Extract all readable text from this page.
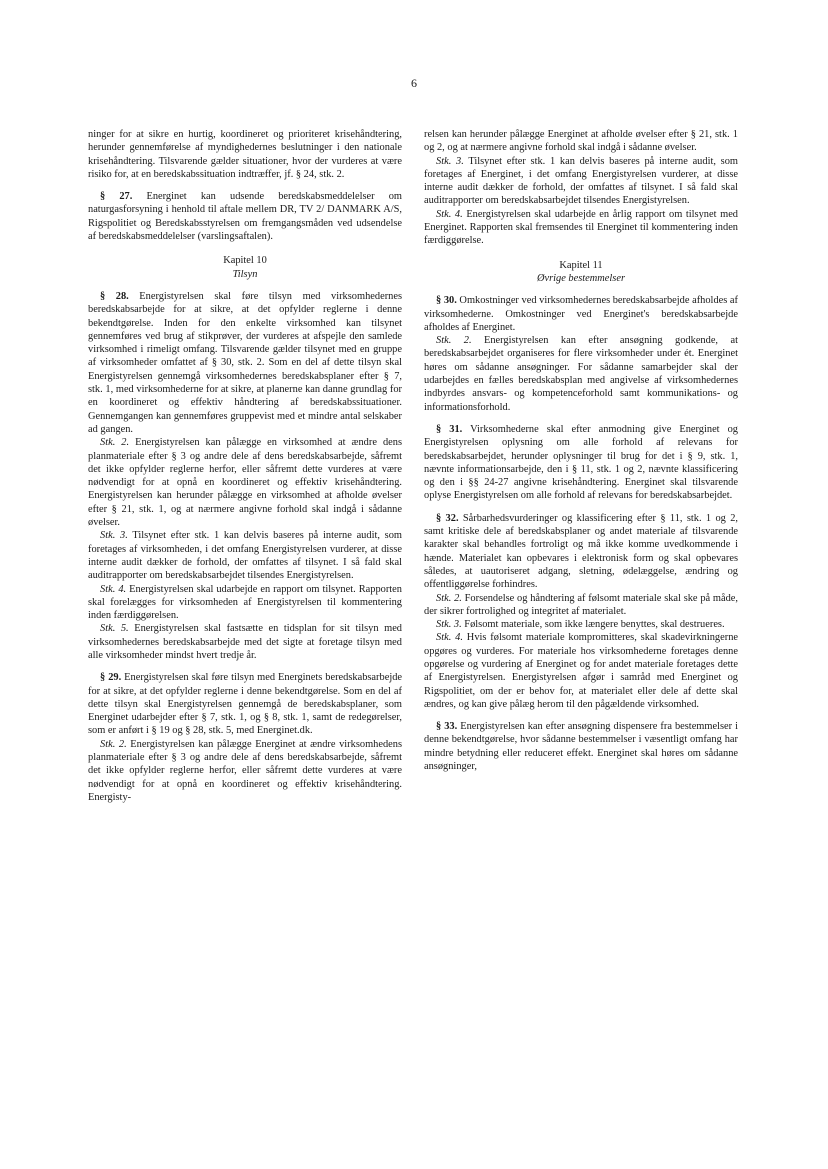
6

ninger for at sikre en hurtig, koordineret og prioriteret krisehåndtering, herunder gennemførelse af myndighedernes beslutninger i den nationale krisehåndtering. Tilsvarende gælder situationer, hvor der vurderes at være risiko for, at en beredskabssituation indtræffer, jf. § 24, stk. 2.

§ 27. Energinet kan udsende beredskabsmeddelelser om naturgasforsyning i henhold til aftale mellem DR, TV 2/ DANMARK A/S, Rigspolitiet og Beredskabsstyrelsen om fremgangsmåden ved udsendelse af beredskabsmeddelelser (varslingsaftalen).

Kapitel 10
Tilsyn

§ 28. Energistyrelsen skal føre tilsyn med virksomhedernes beredskabsarbejde for at sikre, at det opfylder reglerne i denne bekendtgørelse. Inden for den enkelte virksomhed kan tilsynet gennemføres ved brug af stikprøver, der vurderes at afspejle den samlede virksomhed i rimeligt omfang. Tilsvarende gælder tilsynet med en gruppe af virksomheder omfattet af § 30, stk. 2. Som en del af dette tilsyn skal Energistyrelsen gennemgå virksomhedernes beredskabsplaner efter § 7, stk. 1, med virksomhederne for at sikre, at planerne kan danne grundlag for en koordineret og effektiv håndtering af beredskabssituationer. Gennemgangen kan gennemføres gruppevist med et mindre antal selskaber ad gangen.

Stk. 2. Energistyrelsen kan pålægge en virksomhed at ændre dens planmateriale efter § 3 og andre dele af dens beredskabsarbejde, såfremt det ikke opfylder reglerne herfor, eller såfremt dette vurderes at være nødvendigt for at opnå en koordineret og effektiv krisehåndtering. Energistyrelsen kan herunder pålægge en virksomhed at afholde øvelser efter § 21, stk. 1, og at nærmere angivne forhold skal indgå i sådanne øvelser.

Stk. 3. Tilsynet efter stk. 1 kan delvis baseres på interne audit, som foretages af virksomheden, i det omfang Energistyrelsen vurderer, at disse interne audit dækker de forhold, der omfattes af tilsynet. I så fald skal auditrapporter om beredskabsarbejdet tilsendes Energistyrelsen.

Stk. 4. Energistyrelsen skal udarbejde en rapport om tilsynet. Rapporten skal forelægges for virksomheden af Energistyrelsen til kommentering inden færdiggørelsen.

Stk. 5. Energistyrelsen skal fastsætte en tidsplan for sit tilsyn med virksomhedernes beredskabsarbejde med det sigte at foretage tilsyn med alle virksomheder mindst hvert tredje år.

§ 29. Energistyrelsen skal føre tilsyn med Energinets beredskabsarbejde for at sikre, at det opfylder reglerne i denne bekendtgørelse. Som en del af dette tilsyn skal Energistyrelsen gennemgå de beredskabsplaner, som Energinet udarbejder efter § 7, stk. 1, og § 8, stk. 1, samt de redegørelser, som er anført i § 19 og § 28, stk. 5, med Energinet.dk.

Stk. 2. Energistyrelsen kan pålægge Energinet at ændre virksomhedens planmateriale efter § 3 og andre dele af dens beredskabsarbejde, såfremt det ikke opfylder reglerne herfor, eller såfremt dette vurderes at være nødvendigt for at opnå en koordineret og effektiv krisehåndtering. Energisty-

relsen kan herunder pålægge Energinet at afholde øvelser efter § 21, stk. 1 og 2, og at nærmere angivne forhold skal indgå i sådanne øvelser.

Stk. 3. Tilsynet efter stk. 1 kan delvis baseres på interne audit, som foretages af Energinet, i det omfang Energistyrelsen vurderer, at disse interne audit dækker de forhold, der omfattes af tilsynet. I så fald skal auditrapporter om beredskabsarbejdet tilsendes Energistyrelsen.

Stk. 4. Energistyrelsen skal udarbejde en årlig rapport om tilsynet med Energinet. Rapporten skal fremsendes til Energinet til kommentering inden færdiggørelse.

Kapitel 11
Øvrige bestemmelser

§ 30. Omkostninger ved virksomhedernes beredskabsarbejde afholdes af virksomhederne. Omkostninger ved Energinet's beredskabsarbejde afholdes af Energinet.

Stk. 2. Energistyrelsen kan efter ansøgning godkende, at beredskabsarbejdet organiseres for flere virksomheder under ét. Energinet høres om sådanne ansøgninger. For sådanne samarbejder skal der udarbejdes en fælles beredskabsplan med angivelse af virksomhedernes indbyrdes ansvars- og kompetenceforhold samt kommunikations- og informationsforhold.

§ 31. Virksomhederne skal efter anmodning give Energinet og Energistyrelsen oplysning om alle forhold af relevans for beredskabsarbejdet, herunder oplysninger til brug for det i § 9, stk. 1, nævnte informationsarbejde, den i § 11, stk. 1 og 2, nævnte klassificering og den i §§ 24-27 angivne krisehåndtering. Energinet skal tilsvarende oplyse Energistyrelsen om alle forhold af relevans for beredskabsarbejdet.

§ 32. Sårbarhedsvurderinger og klassificering efter § 11, stk. 1 og 2, samt kritiske dele af beredskabsplaner og andet materiale af tilsvarende karakter skal behandles fortroligt og må ikke komme uvedkommende i hænde. Materialet kan opbevares i elektronisk form og skal opbevares således, at uautoriseret adgang, sletning, ødelæggelse, ændring og offentliggørelse forhindres.

Stk. 2. Forsendelse og håndtering af følsomt materiale skal ske på måde, der sikrer fortrolighed og integritet af materialet.

Stk. 3. Følsomt materiale, som ikke længere benyttes, skal destrueres.

Stk. 4. Hvis følsomt materiale kompromitteres, skal skadevirkningerne opgøres og vurderes. For materiale hos virksomhederne foretages denne opgørelse og vurdering af Energinet og for andet materiale foretages dette af Energistyrelsen. Energistyrelsen afgør i samråd med Energinet og Rigspolitiet, om der er behov for, at materialet eller dele af dette skal ændres, og kan give pålæg herom til den pågældende virksomhed.

§ 33. Energistyrelsen kan efter ansøgning dispensere fra bestemmelser i denne bekendtgørelse, hvor sådanne bestemmelser i væsentligt omfang har mindre betydning eller reduceret effekt. Energinet skal høres om sådanne ansøgninger,
